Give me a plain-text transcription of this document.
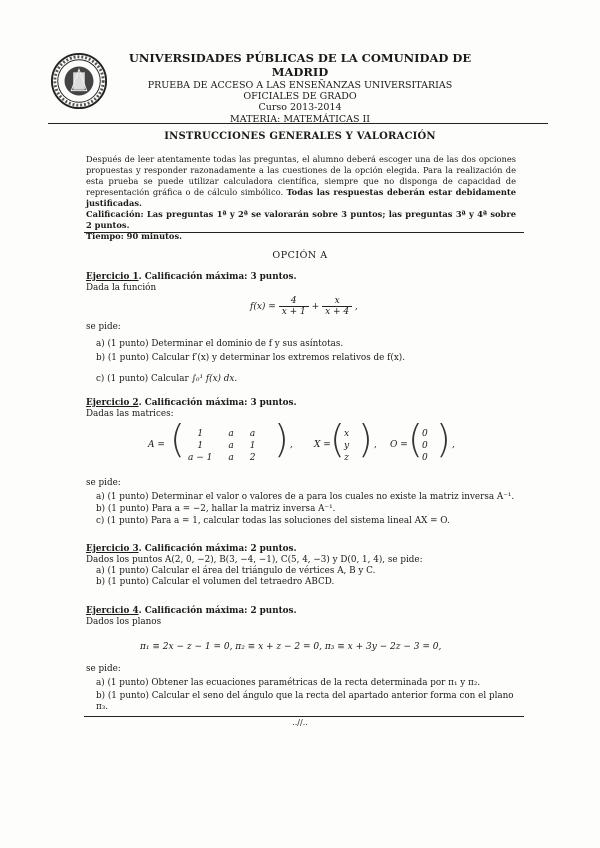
UNIVERSIDADES PÚBLICAS DE LA COMUNIDAD DE MADRID
PRUEBA DE ACCESO A LAS ENSEÑANZAS UNIVERSITARIAS
OFICIALES DE GRADO
Curso 2013-2014
MATERIA: MATEMÁTICAS II
INSTRUCCIONES GENERALES Y VALORACIÓN
Después de leer atentamente todas las preguntas, el alumno deberá escoger una de las dos opciones propuestas y responder razonadamente a las cuestiones de la opción elegida. Para la realización de esta prueba se puede utilizar calculadora científica, siempre que no disponga de capacidad de representación gráfica o de cálculo simbólico. Todas las respuestas deberán estar debidamente justificadas.
Calificación: Las preguntas 1ª y 2ª se valorarán sobre 3 puntos; las preguntas 3ª y 4ª sobre 2 puntos.
Tiempo: 90 minutos.
OPCIÓN A
Ejercicio 1. Calificación máxima: 3 puntos.
Dada la función
$f(x) = \frac{4}{x + 1} + \frac{x}{x + 4}$ ,
se pide:
a) (1 punto) Determinar el dominio de f y sus asíntotas.
b) (1 punto) Calcular f′(x) y determinar los extremos relativos de f(x).
c) (1 punto) Calcular ∫₀¹ f(x) dx.
Ejercicio 2. Calificación máxima: 3 puntos.
Dadas las matrices:
A = ( 1	a	a
1	a	1
a − 1	a	2 ) , X = ( x
y
z ) , O = ( 0
0
0 ) ,
se pide:
a) (1 punto) Determinar el valor o valores de a para los cuales no existe la matriz inversa A⁻¹.
b) (1 punto) Para a = −2, hallar la matriz inversa A⁻¹.
c) (1 punto) Para a = 1, calcular todas las soluciones del sistema lineal AX = O.
Ejercicio 3. Calificación máxima: 2 puntos.
Dados los puntos A(2, 0, −2), B(3, −4, −1), C(5, 4, −3) y D(0, 1, 4), se pide:
a) (1 punto) Calcular el área del triángulo de vértices A, B y C.
b) (1 punto) Calcular el volumen del tetraedro ABCD.
Ejercicio 4. Calificación máxima: 2 puntos.
Dados los planos
π₁ ≡ 2x − z − 1 = 0, π₂ ≡ x + z − 2 = 0, π₃ ≡ x + 3y − 2z − 3 = 0,
se pide:
a) (1 punto) Obtener las ecuaciones paramétricas de la recta determinada por π₁ y π₂.
b) (1 punto) Calcular el seno del ángulo que la recta del apartado anterior forma con el plano π₃.
..//..
